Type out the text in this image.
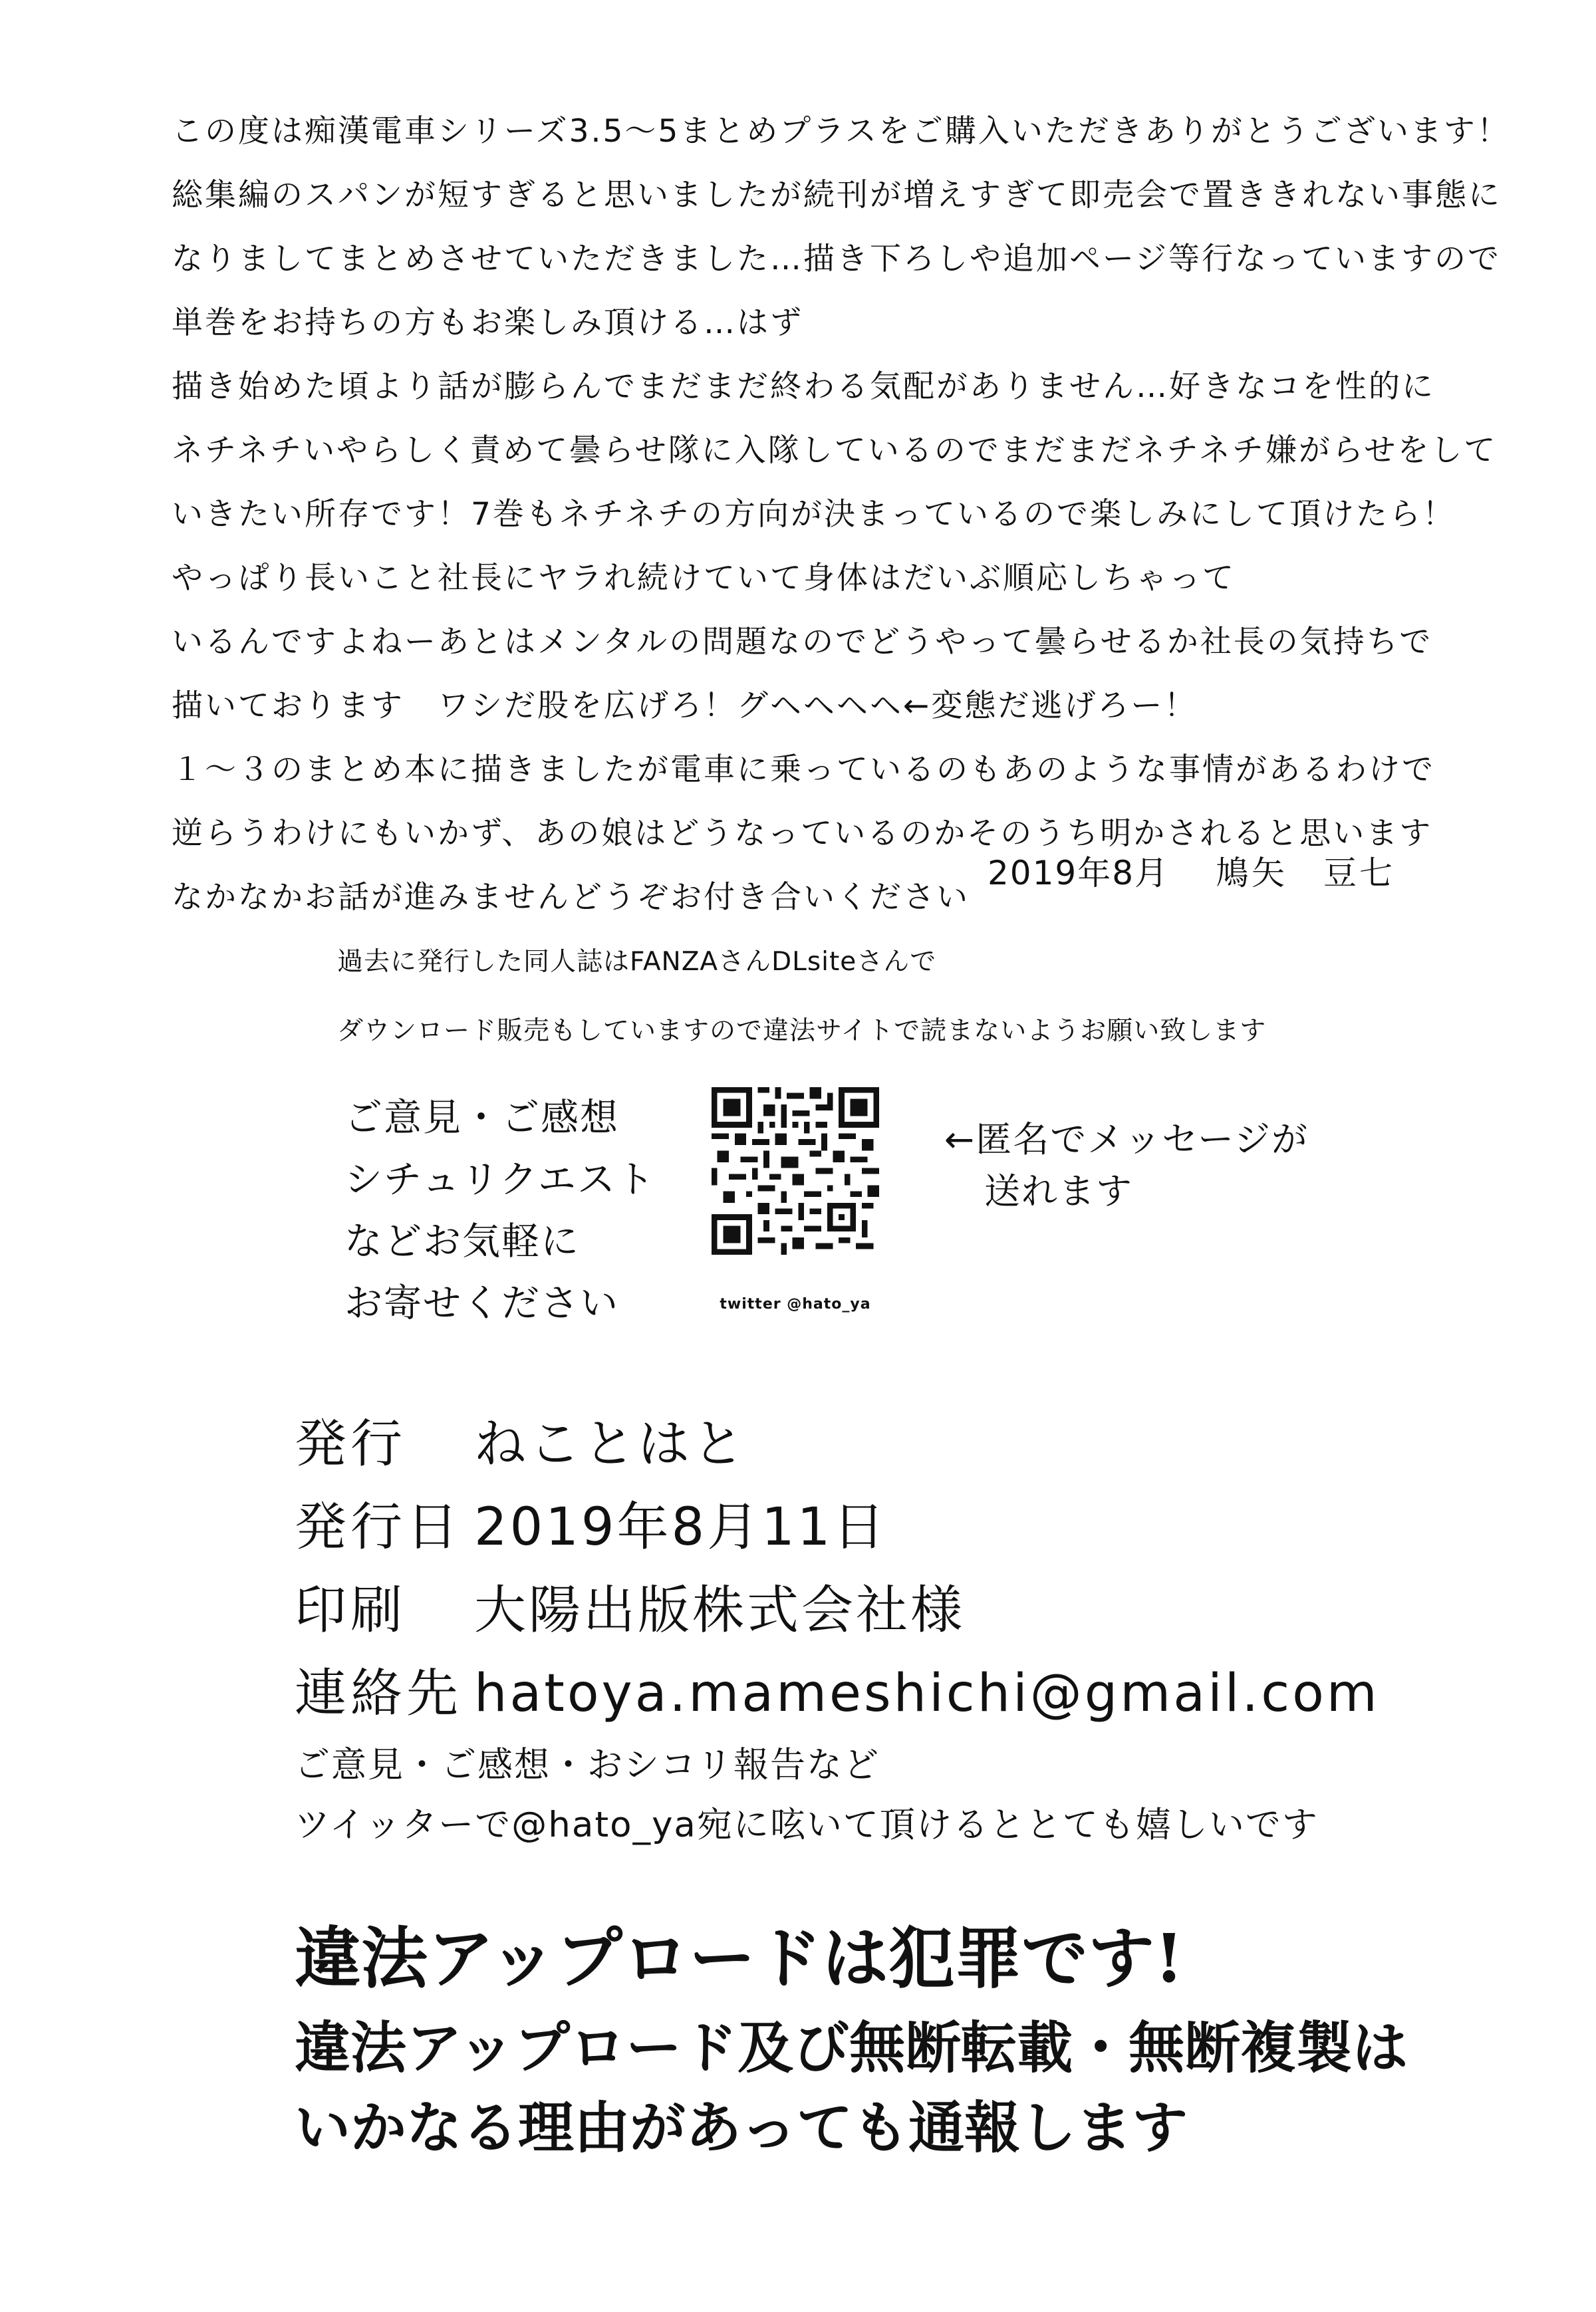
この度は痴漢電車シリーズ3.5～5まとめプラスをご購入いただきありがとうございます！
総集編のスパンが短すぎると思いましたが続刊が増えすぎて即売会で置ききれない事態に
なりましてまとめさせていただきました…描き下ろしや追加ページ等行なっていますので
単巻をお持ちの方もお楽しみ頂ける…はず
描き始めた頃より話が膨らんでまだまだ終わる気配がありません…好きなコを性的に
ネチネチいやらしく責めて曇らせ隊に入隊しているのでまだまだネチネチ嫌がらせをして
いきたい所存です！7巻もネチネチの方向が決まっているので楽しみにして頂けたら！
やっぱり長いこと社長にヤラれ続けていて身体はだいぶ順応しちゃって
いるんですよねーあとはメンタルの問題なのでどうやって曇らせるか社長の気持ちで
描いております　ワシだ股を広げろ！グヘヘヘヘ←変態だ逃げろー！
１～３のまとめ本に描きましたが電車に乗っているのもあのような事情があるわけで
逆らうわけにもいかず、あの娘はどうなっているのかそのうち明かされると思います
なかなかお話が進みませんどうぞお付き合いください
2019年8月 鳩矢　豆七
過去に発行した同人誌はFANZAさんDLsiteさんで
ダウンロード販売もしていますので違法サイトで読まないようお願い致します
ご意見・ご感想
シチュリクエスト
などお気軽に
お寄せください	twitter @hato_ya
←匿名でメッセージが
送れます
発行 ねことはと
発行日 2019年8月11日
印刷 大陽出版株式会社様
連絡先 hatoya.mameshichi@gmail.com
ご意見・ご感想・おシコリ報告など
ツイッターで@hato_ya宛に呟いて頂けるととても嬉しいです
違法アップロードは犯罪です!
違法アップロード及び無断転載・無断複製は
いかなる理由があっても通報します
